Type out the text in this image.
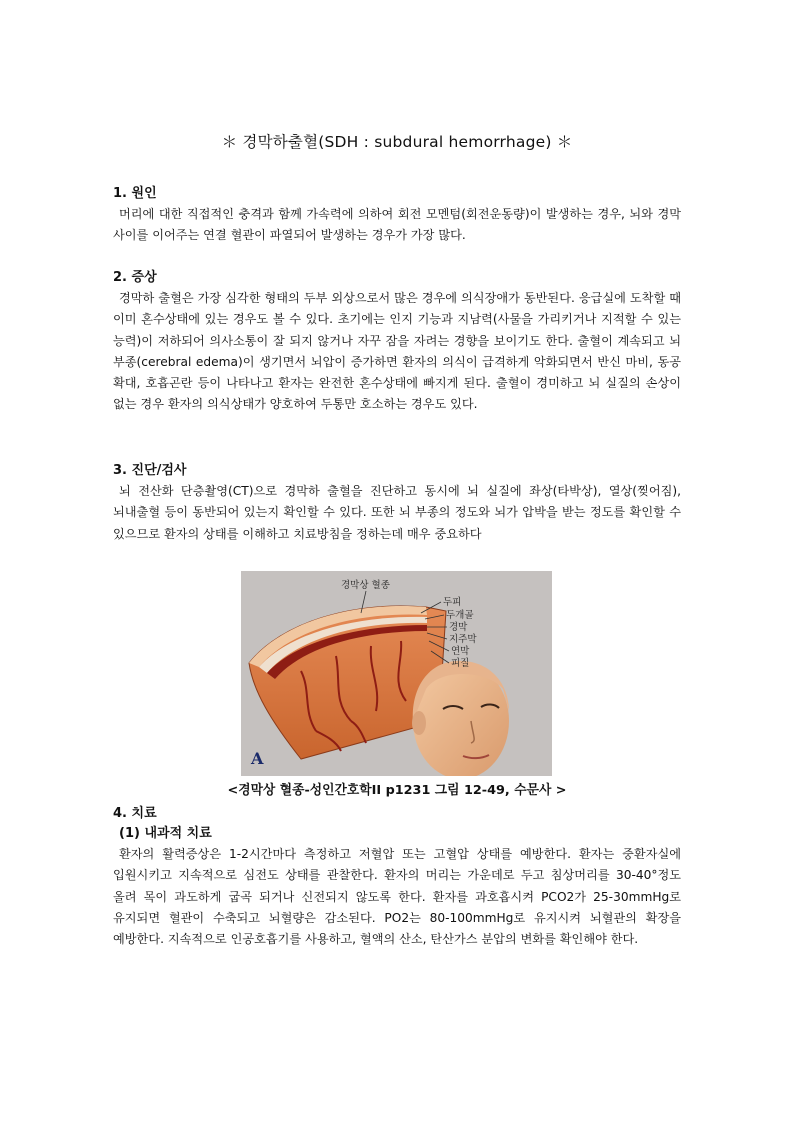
＊ 경막하출혈(SDH : subdural hemorrhage) ＊

1. 원인

머리에 대한 직접적인 충격과 함께 가속력에 의하여 회전 모멘텀(회전운동량)이 발생하는 경우, 뇌와 경막 사이를 이어주는 연결 혈관이 파열되어 발생하는 경우가 가장 많다.

2. 증상

경막하 출혈은 가장 심각한 형태의 두부 외상으로서 많은 경우에 의식장애가 동반된다. 응급실에 도착할 때 이미 혼수상태에 있는 경우도 볼 수 있다. 초기에는 인지 기능과 지남력(사물을 가리키거나 지적할 수 있는 능력)이 저하되어 의사소통이 잘 되지 않거나 자꾸 잠을 자려는 경향을 보이기도 한다. 출혈이 계속되고 뇌 부종(cerebral edema)이 생기면서 뇌압이 증가하면 환자의 의식이 급격하게 악화되면서 반신 마비, 동공 확대, 호흡곤란 등이 나타나고 환자는 완전한 혼수상태에 빠지게 된다. 출혈이 경미하고 뇌 실질의 손상이 없는 경우 환자의 의식상태가 양호하여 두통만 호소하는 경우도 있다.

3. 진단/검사

뇌 전산화 단층촬영(CT)으로 경막하 출혈을 진단하고 동시에 뇌 실질에 좌상(타박상), 열상(찢어짐), 뇌내출혈 등이 동반되어 있는지 확인할 수 있다. 또한 뇌 부종의 정도와 뇌가 압박을 받는 정도를 확인할 수 있으므로 환자의 상태를 이해하고 치료방침을 정하는데 매우 중요하다

경막상 혈종
두피
두개골
경막
지주막
연막
피질
A
<경막상 혈종-성인간호학II p1231 그림 12-49, 수문사 >

4. 치료

(1) 내과적 치료

환자의 활력증상은 1-2시간마다 측정하고 저혈압 또는 고혈압 상태를 예방한다. 환자는 중환자실에 입원시키고 지속적으로 심전도 상태를 관찰한다. 환자의 머리는 가운데로 두고 침상머리를 30-40°정도 올려 목이 과도하게 굽곡 되거나 신전되지 않도록 한다. 환자를 과호흡시켜 PCO2가 25-30mmHg로 유지되면 혈관이 수축되고 뇌혈량은 감소된다. PO2는 80-100mmHg로 유지시켜 뇌혈관의 확장을 예방한다. 지속적으로 인공호흡기를 사용하고, 혈액의 산소, 탄산가스 분압의 변화를 확인해야 한다.
